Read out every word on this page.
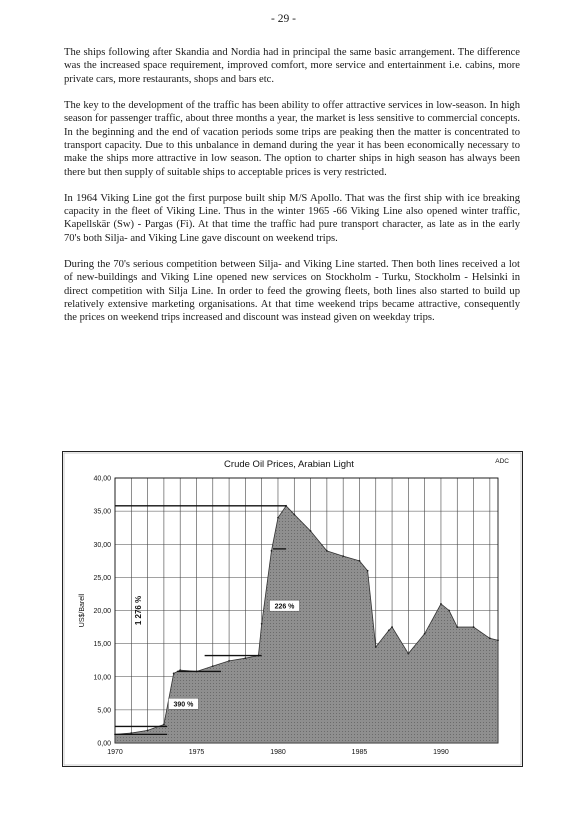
- 29 -

The ships following after Skandia and Nordia had in principal the same basic arrangement. The difference was the increased space requirement, improved comfort, more service and entertainment i.e. cabins, more private cars, more restaurants, shops and bars etc.

The key to the development of the traffic has been ability to offer attractive services in low-season. In high season for passenger traffic, about three months a year, the market is less sensitive to commercial concepts. In the beginning and the end of vacation periods some trips are peaking then the matter is concentrated to transport capacity. Due to this unbalance in demand during the year it has been economically necessary to make the ships more attractive in low season. The option to charter ships in high season has always been there but then supply of suitable ships to acceptable prices is very restricted.

In 1964 Viking Line got the first purpose built ship M/S Apollo. That was the first ship with ice breaking capacity in the fleet of Viking Line. Thus in the winter 1965 -66 Viking Line also opened winter traffic, Kapellskär (Sw) - Pargas (Fi). At that time the traffic had pure transport character, as late as in the early 70's both Silja- and Viking Line gave discount on weekend trips.

During the 70's serious competition between Silja- and Viking Line started. Then both lines received a lot of new-buildings and Viking Line opened new services on Stockholm - Turku, Stockholm - Helsinki in direct competition with Silja Line. In order to feed the growing fleets, both lines also started to build up relatively extensive marketing organisations. At that time weekend trips became attractive, consequently the prices on weekend trips increased and discount was instead given on weekday trips.

Crude Oil Prices, Arabian Light	ADC
US$/Barell
0,00
5,00
10,00
15,00
20,00
25,00
30,00
35,00
40,00
1970	1975	1980	1985	1990
1 276 %	226 %
390 %
